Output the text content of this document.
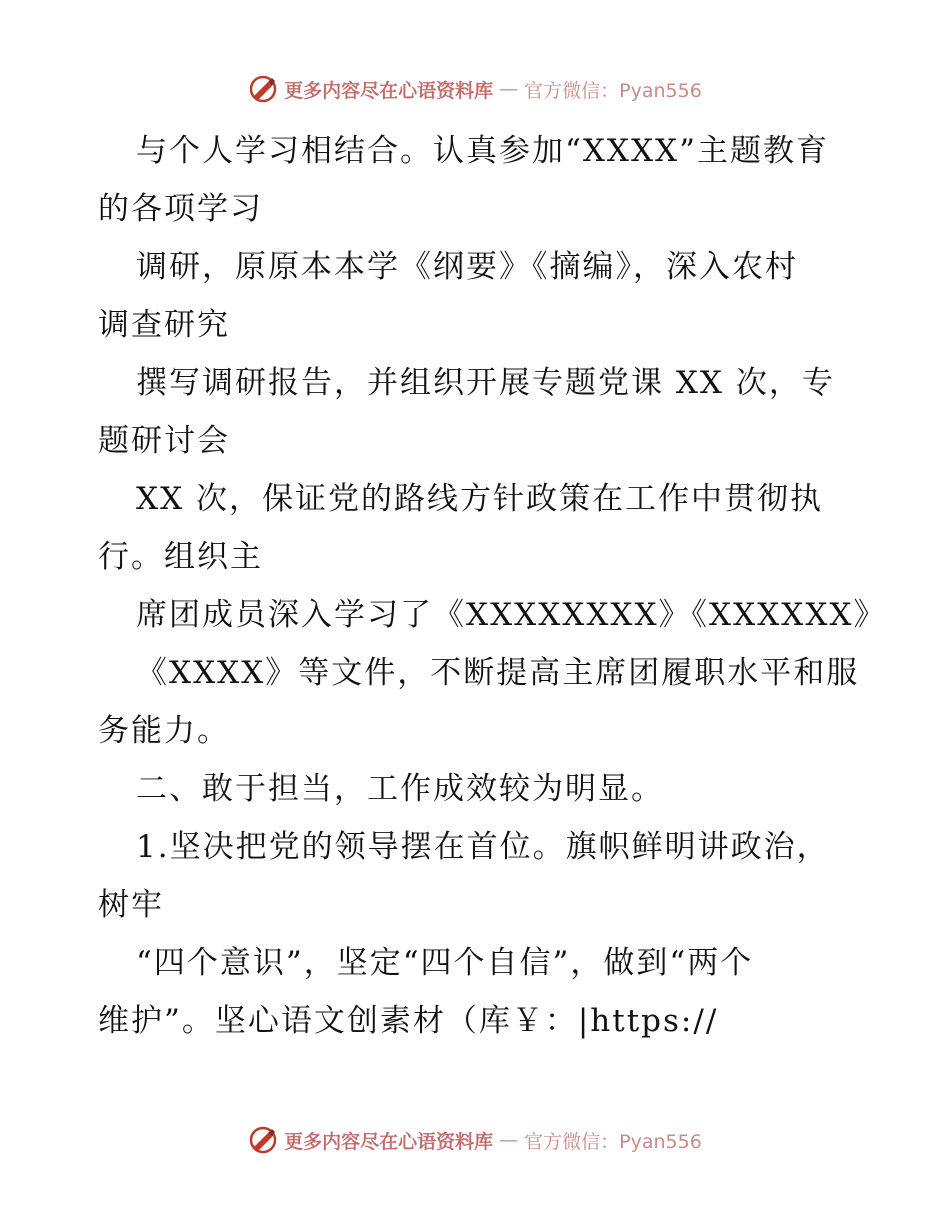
更多内容尽在心语资料库 — 官方微信：Pyan556
与个人学习相结合。认真参加“XXXX”主题教育
的各项学习
调研，原原本本学《纲要》《摘编》，深入农村
调查研究
撰写调研报告，并组织开展专题党课 XX 次，专
题研讨会
XX 次，保证党的路线方针政策在工作中贯彻执
行。组织主
席团成员深入学习了《XXXXXXXX》《XXXXXX》
《XXXX》等文件，不断提高主席团履职水平和服
务能力。
二、敢于担当，工作成效较为明显。
1.坚决把党的领导摆在首位。旗帜鲜明讲政治，
树牢
“四个意识”，坚定“四个自信”，做到“两个
维护”。坚心语文创素材（库￥：|https://
更多内容尽在心语资料库 — 官方微信：Pyan556
